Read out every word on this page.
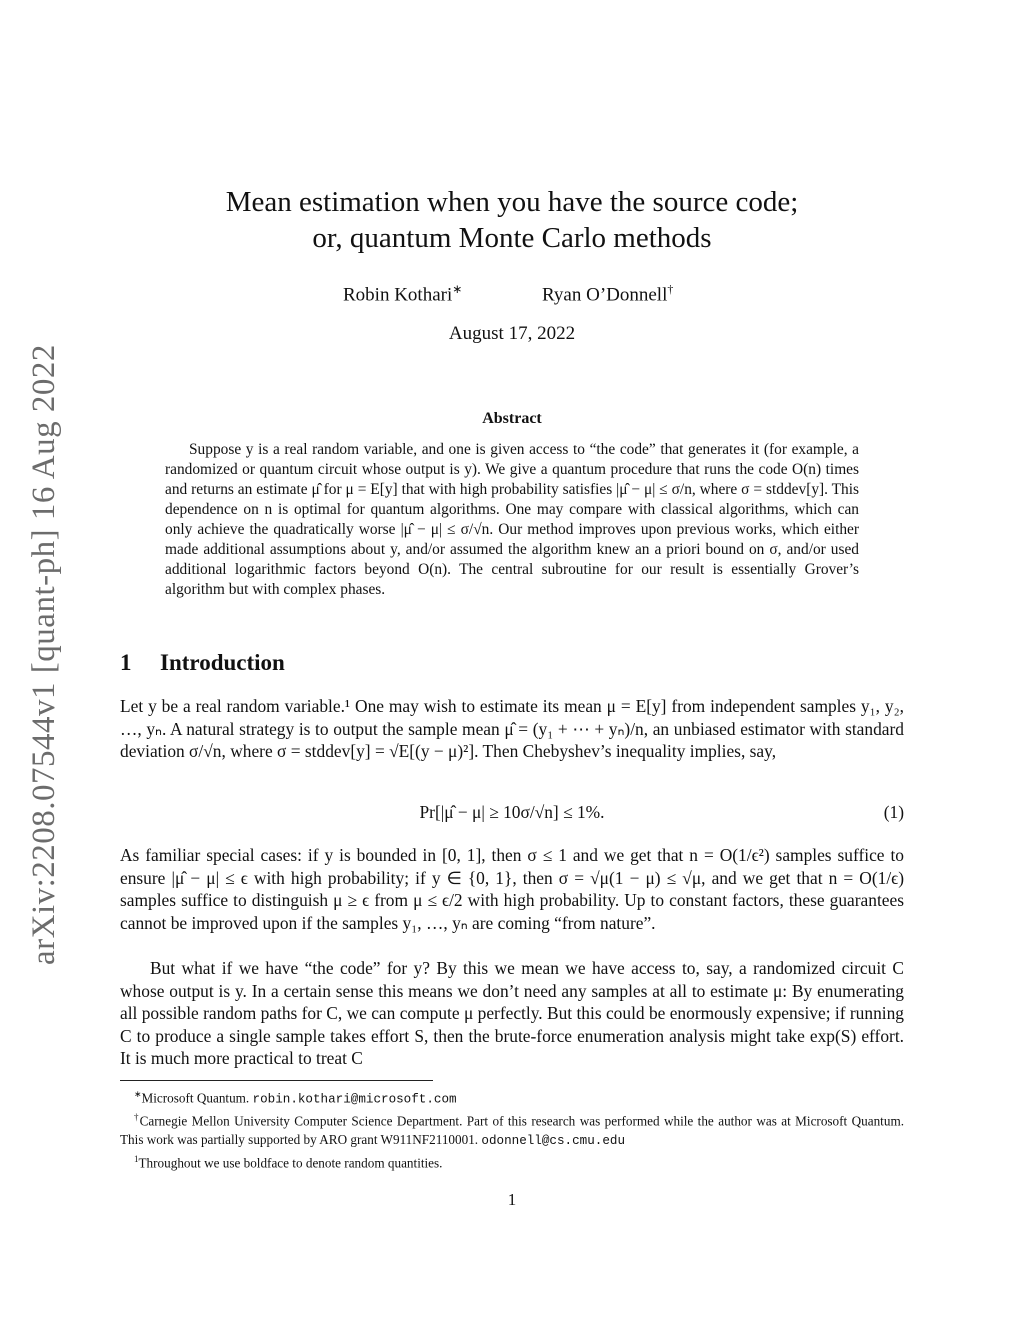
arXiv:2208.07544v1 [quant-ph] 16 Aug 2022
Mean estimation when you have the source code;
or, quantum Monte Carlo methods
Robin Kothari∗	Ryan O’Donnell†
August 17, 2022
Abstract

Suppose y is a real random variable, and one is given access to “the code” that generates it (for example, a randomized or quantum circuit whose output is y). We give a quantum procedure that runs the code O(n) times and returns an estimate μ̂ for μ = E[y] that with high probability satisfies |μ̂ − μ| ≤ σ/n, where σ = stddev[y]. This dependence on n is optimal for quantum algorithms. One may compare with classical algorithms, which can only achieve the quadratically worse |μ̂ − μ| ≤ σ/√n. Our method improves upon previous works, which either made additional assumptions about y, and/or assumed the algorithm knew an a priori bound on σ, and/or used additional logarithmic factors beyond O(n). The central subroutine for our result is essentially Grover’s algorithm but with complex phases.

1 Introduction

Let y be a real random variable.¹ One may wish to estimate its mean μ = E[y] from independent samples y₁, y₂, …, yₙ. A natural strategy is to output the sample mean μ̂ = (y₁ + ⋯ + yₙ)/n, an unbiased estimator with standard deviation σ/√n, where σ = stddev[y] = √E[(y − μ)²]. Then Chebyshev’s inequality implies, say,

Pr[|μ̂ − μ| ≥ 10σ/√n] ≤ 1%.	(1)

As familiar special cases: if y is bounded in [0, 1], then σ ≤ 1 and we get that n = O(1/ϵ²) samples suffice to ensure |μ̂ − μ| ≤ ϵ with high probability; if y ∈ {0, 1}, then σ = √μ(1 − μ) ≤ √μ, and we get that n = O(1/ϵ) samples suffice to distinguish μ ≥ ϵ from μ ≤ ϵ/2 with high probability. Up to constant factors, these guarantees cannot be improved upon if the samples y₁, …, yₙ are coming “from nature”.

But what if we have “the code” for y? By this we mean we have access to, say, a randomized circuit C whose output is y. In a certain sense this means we don’t need any samples at all to estimate μ: By enumerating all possible random paths for C, we can compute μ perfectly. But this could be enormously expensive; if running C to produce a single sample takes effort S, then the brute-force enumeration analysis might take exp(S) effort. It is much more practical to treat C

∗Microsoft Quantum. robin.kothari@microsoft.com

†Carnegie Mellon University Computer Science Department. Part of this research was performed while the author was at Microsoft Quantum. This work was partially supported by ARO grant W911NF2110001. odonnell@cs.cmu.edu

$^1$Throughout we use boldface to denote random quantities.

1
